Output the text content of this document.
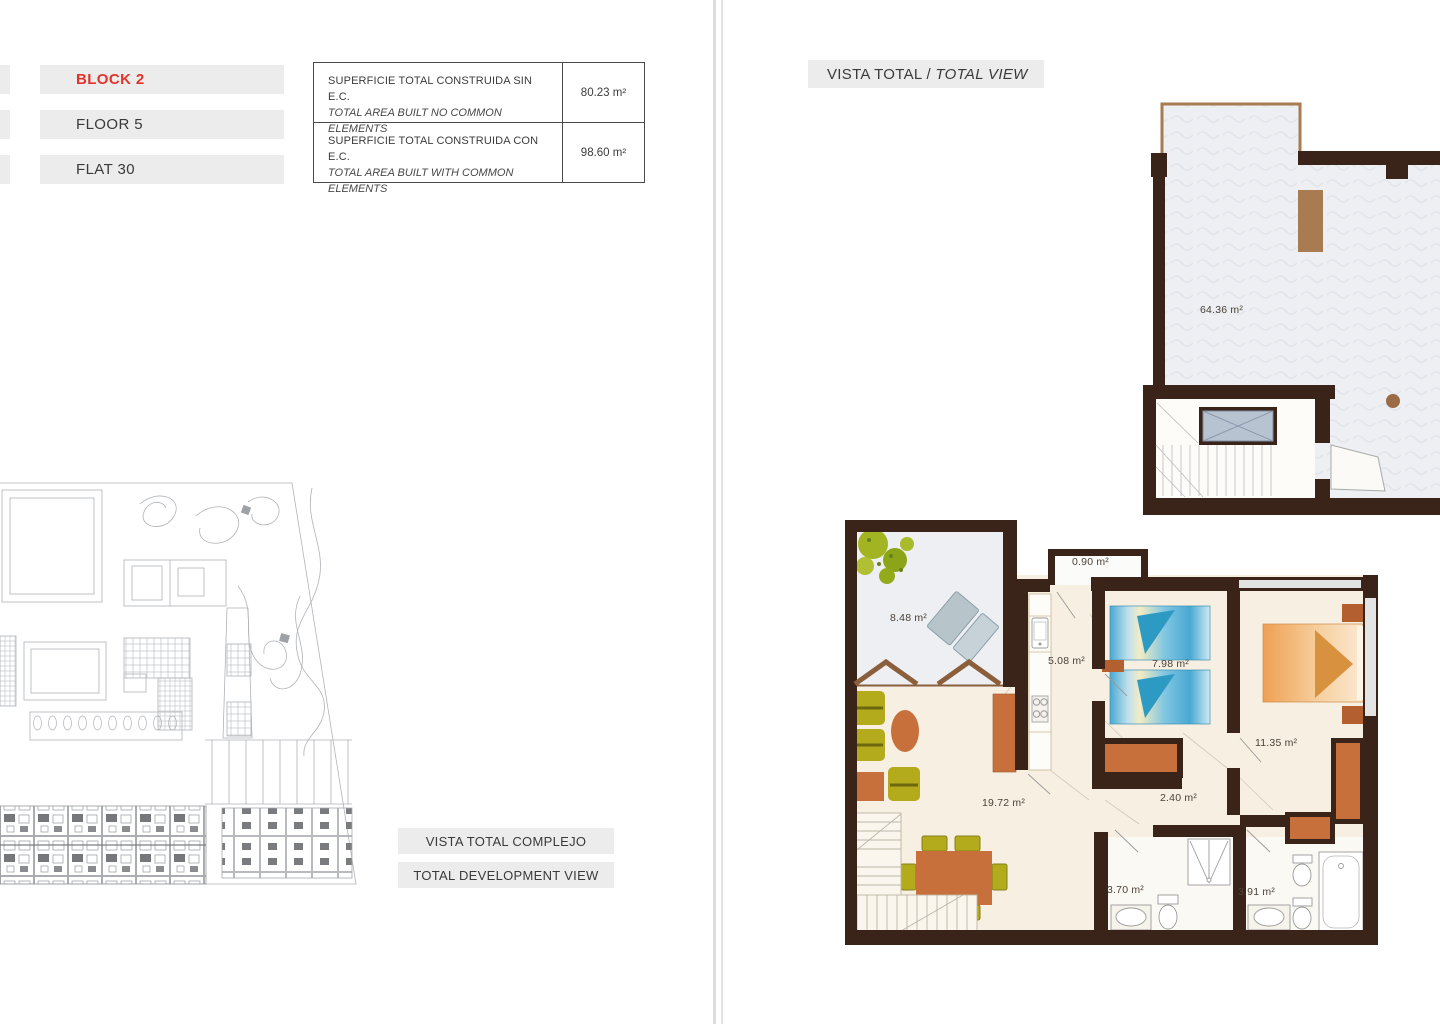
BLOCK 2
FLOOR 5
FLAT 30
SUPERFICIE TOTAL CONSTRUIDA SIN E.C.
TOTAL AREA BUILT NO COMMON ELEMENTS
80.23 m²
SUPERFICIE TOTAL CONSTRUIDA CON E.C.
TOTAL AREA BUILT WITH COMMON ELEMENTS
98.60 m²
VISTA TOTAL COMPLEJO
TOTAL DEVELOPMENT VIEW
VISTA TOTAL / TOTAL VIEW
64.36 m²
8.48 m²
0.90 m²
5.08 m²	7.98 m²
11.35 m²
19.72 m²	2.40 m²
3.70 m²	3.91 m²
